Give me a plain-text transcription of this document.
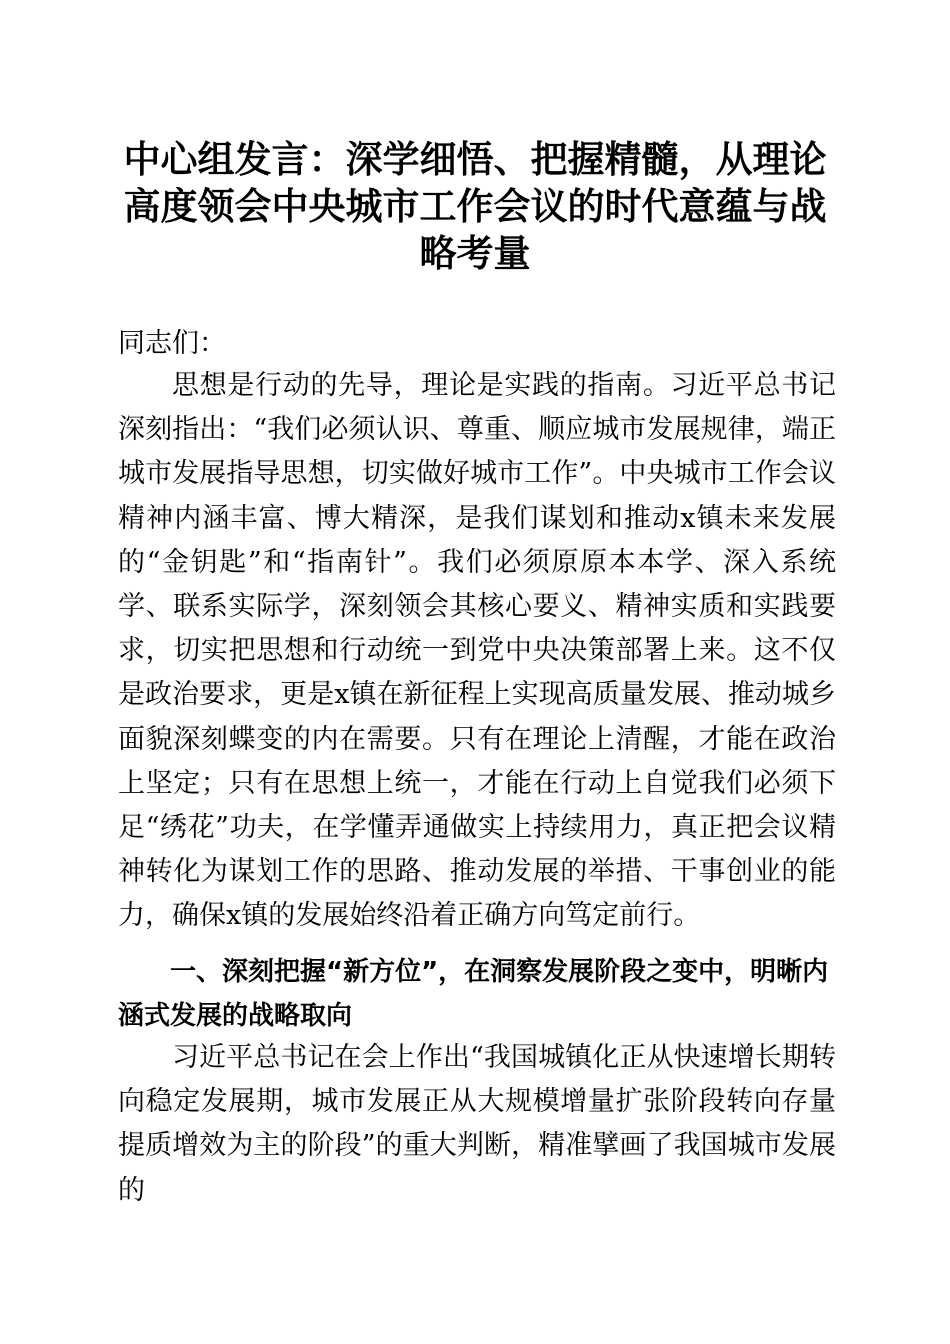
中心组发言：深学细悟、把握精髓，从理论高度领会中央城市工作会议的时代意蕴与战略考量

同志们：

思想是行动的先导，理论是实践的指南。习近平总书记深刻指出：“我们必须认识、尊重、顺应城市发展规律，端正城市发展指导思想，切实做好城市工作”。中央城市工作会议精神内涵丰富、博大精深，是我们谋划和推动x镇未来发展的“金钥匙”和“指南针”。我们必须原原本本学、深入系统学、联系实际学，深刻领会其核心要义、精神实质和实践要求，切实把思想和行动统一到党中央决策部署上来。这不仅是政治要求，更是x镇在新征程上实现高质量发展、推动城乡面貌深刻蝶变的内在需要。只有在理论上清醒，才能在政治上坚定；只有在思想上统一，才能在行动上自觉我们必须下足“绣花”功夫，在学懂弄通做实上持续用力，真正把会议精神转化为谋划工作的思路、推动发展的举措、干事创业的能力，确保x镇的发展始终沿着正确方向笃定前行。

一、深刻把握“新方位”，在洞察发展阶段之变中，明晰内涵式发展的战略取向

习近平总书记在会上作出“我国城镇化正从快速增长期转向稳定发展期，城市发展正从大规模增量扩张阶段转向存量提质增效为主的阶段”的重大判断，精准擘画了我国城市发展的
